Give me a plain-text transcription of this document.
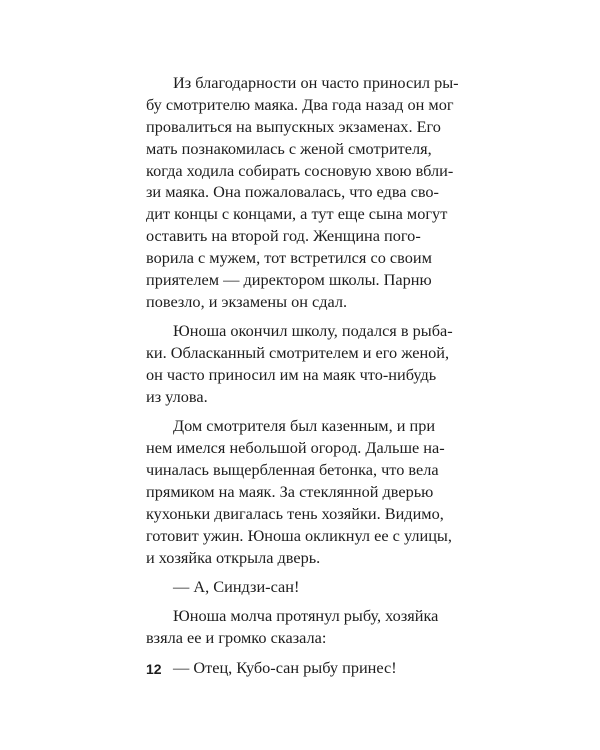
Из благодарности он часто приносил ры-
бу смотрителю маяка. Два года назад он мог
провалиться на выпускных экзаменах. Его
мать познакомилась с женой смотрителя,
когда ходила собирать сосновую хвою вбли-
зи маяка. Она пожаловалась, что едва сво-
дит концы с концами, а тут еще сына могут
оставить на второй год. Женщина пого-
ворила с мужем, тот встретился со своим
приятелем — директором школы. Парню
повезло, и экзамены он сдал.

Юноша окончил школу, подался в рыба-
ки. Обласканный смотрителем и его женой,
он часто приносил им на маяк что-нибудь
из улова.

Дом смотрителя был казенным, и при
нем имелся небольшой огород. Дальше на-
чиналась выщербленная бетонка, что вела
прямиком на маяк. За стеклянной дверью
кухоньки двигалась тень хозяйки. Видимо,
готовит ужин. Юноша окликнул ее с улицы,
и хозяйка открыла дверь.

— А, Синдзи-сан!

Юноша молча протянул рыбу, хозяйка
взяла ее и громко сказала:

— Отец, Кубо-сан рыбу принес!

12
